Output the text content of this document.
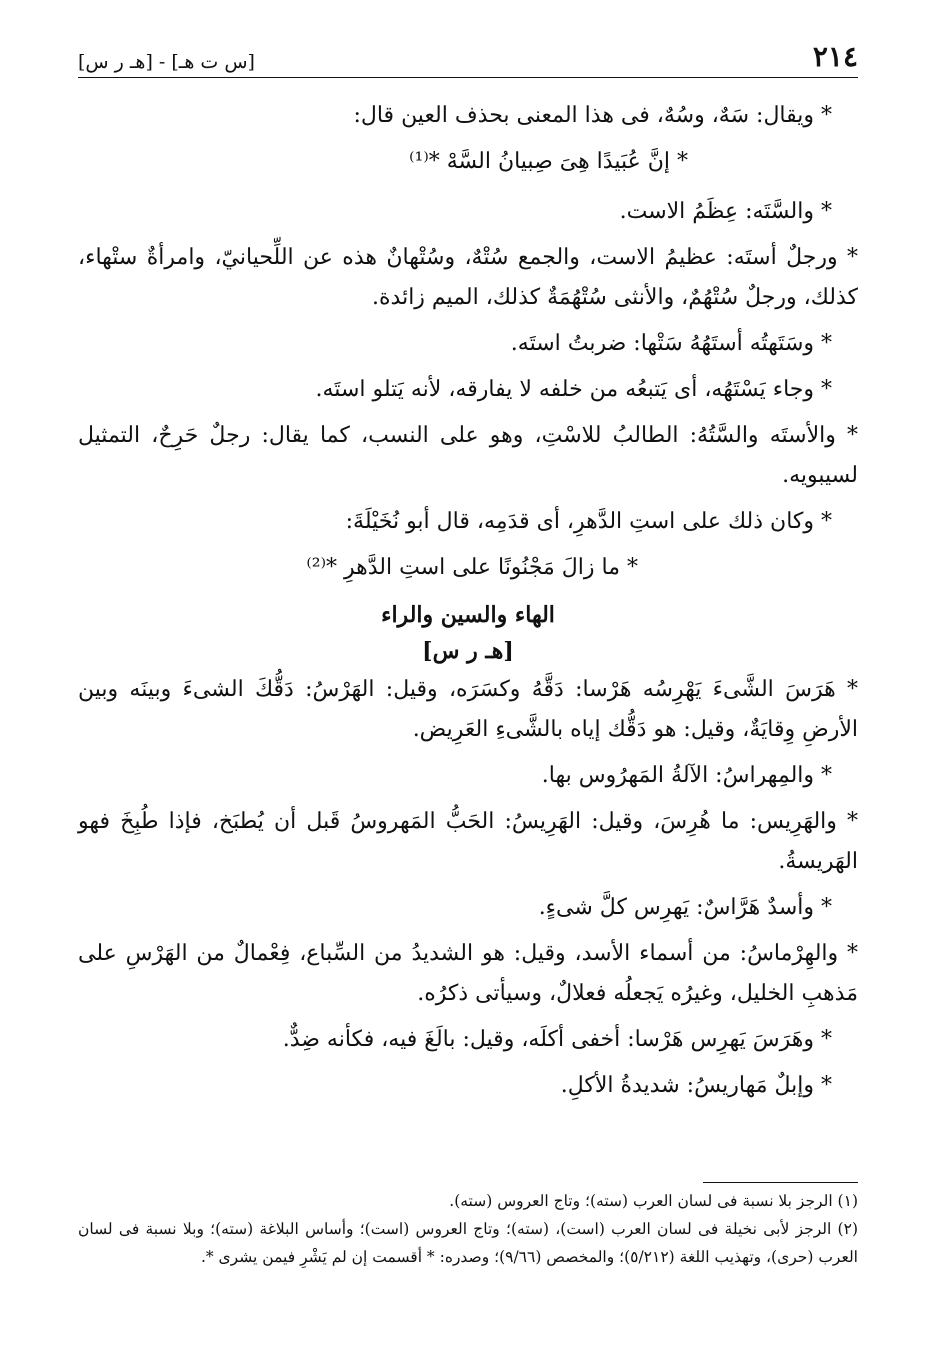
٢١٤
[س ت هـ] - [هـ ر س]

* ويقال: سَهٌ، وسُهٌ، فى هذا المعنى بحذف العين قال:

* إنَّ عُبَيدًا هِىَ صِبيانُ السَّهْ *⁽¹⁾

* والسَّتَه: عِظَمُ الاست.

* ورجلٌ أستَه: عظيمُ الاست، والجمع سُتْهٌ، وسُتْهانٌ هذه عن اللِّحيانيّ، وامرأةٌ ستْهاء، كذلك، ورجلٌ سُتْهُمٌ، والأنثى سُتْهُمَةٌ كذلك، الميم زائدة.

* وسَتَهتُه أستَهُهُ سَتْها: ضربتُ استَه.

* وجاء يَسْتَهُه، أى يَتبعُه من خلفه لا يفارقه، لأنه يَتلو استَه.

* والأستَه والسَّتُهُ: الطالبُ للاسْتِ، وهو على النسب، كما يقال: رجلٌ حَرِحٌ، التمثيل لسيبويه.

* وكان ذلك على استِ الدَّهرِ، أى قدَمِه، قال أبو نُخَيْلَةَ:

* ما زالَ مَجْنُونًا على استِ الدَّهرِ *⁽²⁾

الهاء والسين والراء
[هـ ر س]

* هَرَسَ الشَّىءَ يَهْرِسُه هَرْسا: دَقَّهُ وكسَرَه، وقيل: الهَرْسُ: دَقُّكَ الشىءَ وبينَه وبين الأرضِ وِقايَةٌ، وقيل: هو دَقُّك إياه بالشَّىءِ العَرِيض.

* والمِهراسُ: الآلةُ المَهرُوس بها.

* والهَرِيس: ما هُرِسَ، وقيل: الهَرِيسُ: الحَبُّ المَهروسُ قَبل أن يُطبَخ، فإذا طُبِخَ فهو الهَريسةُ.

* وأسدٌ هَرَّاسٌ: يَهرِس كلَّ شىءٍ.

* والهِرْماسُ: من أسماء الأسد، وقيل: هو الشديدُ من السِّباع، فِعْمالٌ من الهَرْسِ على مَذهبِ الخليل، وغيرُه يَجعلُه فعلالٌ، وسيأتى ذكرُه.

* وهَرَسَ يَهرِس هَرْسا: أخفى أكلَه، وقيل: بالَغَ فيه، فكأنه ضِدٌّ.

* وإبلٌ مَهاريسُ: شديدةُ الأكلِ.

(١) الرجز بلا نسبة فى لسان العرب (سته)؛ وتاج العروس (سته).

(٢) الرجز لأبى نخيلة فى لسان العرب (است)، (سته)؛ وتاج العروس (است)؛ وأساس البلاغة (سته)؛ وبلا نسبة فى لسان العرب (حرى)، وتهذيب اللغة (٥/٢١٢)؛ والمخصص (٩/٦٦)؛ وصدره: * أقسمت إن لم يَشْرِ فيمن يشرى *.
